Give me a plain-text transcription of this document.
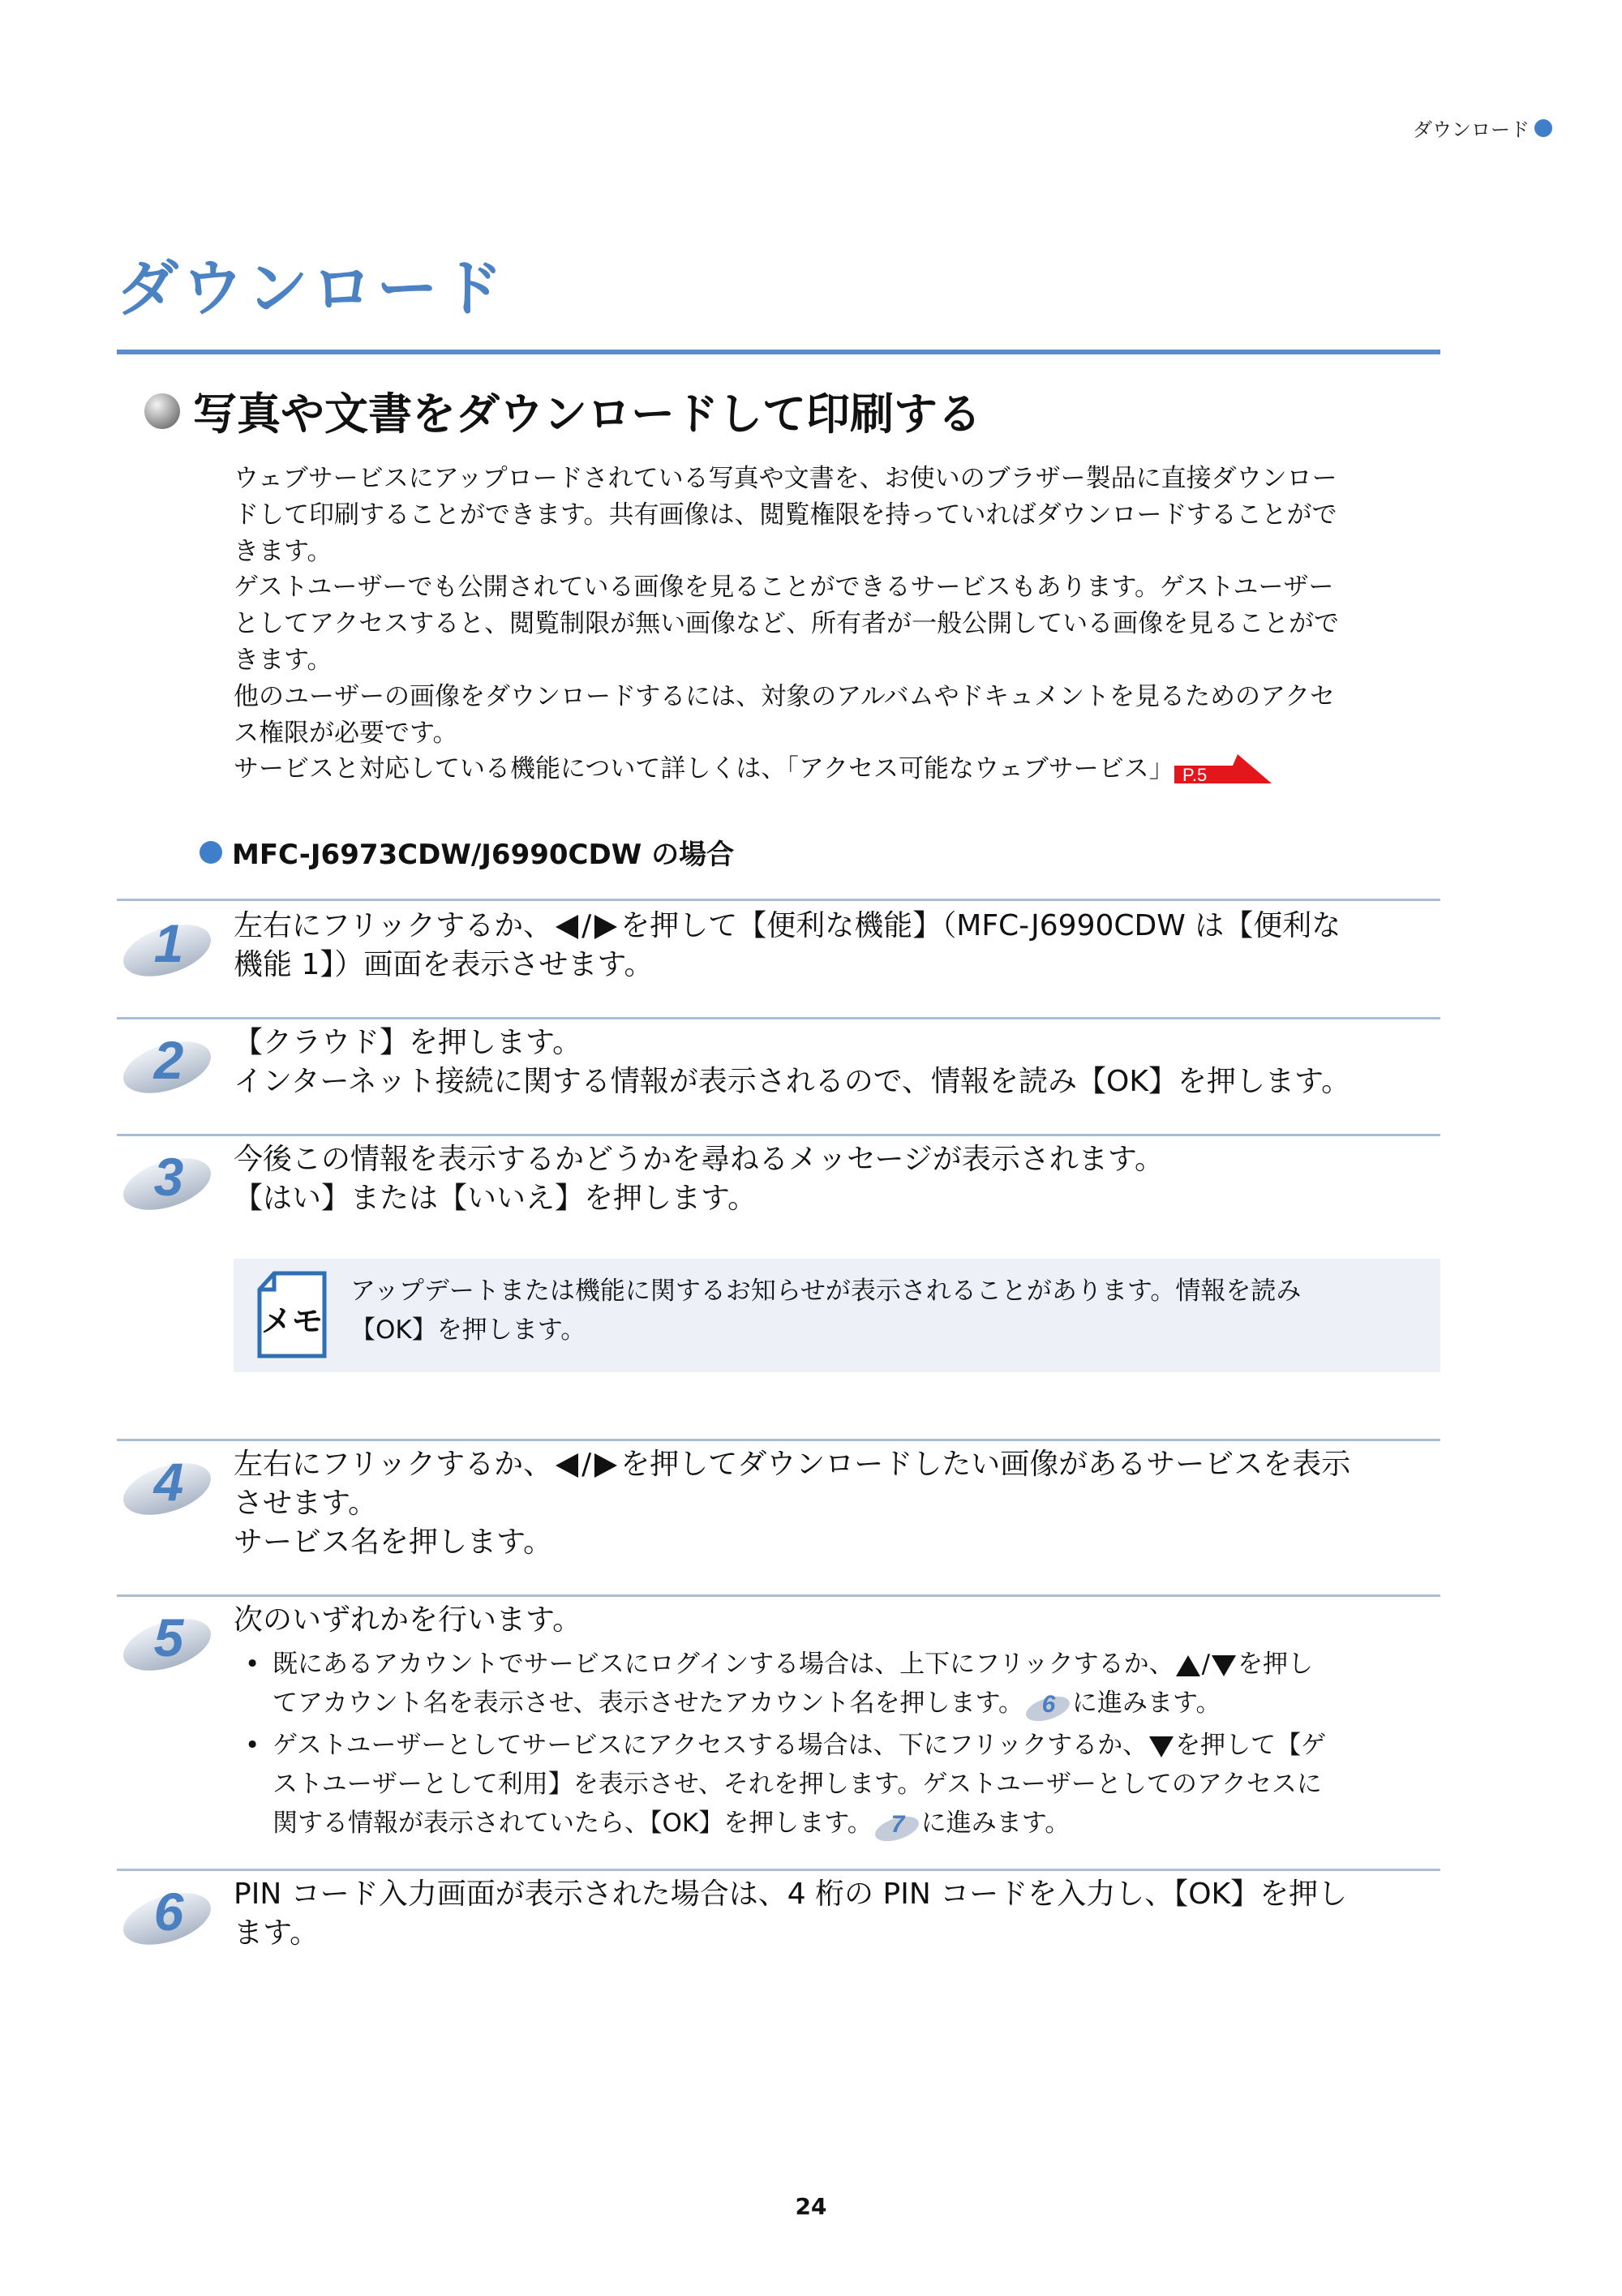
ダウンロード
ダウンロード
写真や文書をダウンロードして印刷する

ウェブサービスにアップロードされている写真や文書を、お使いのブラザー製品に直接ダウンロー

ドして印刷することができます。共有画像は、閲覧権限を持っていればダウンロードすることがで

きます。

ゲストユーザーでも公開されている画像を見ることができるサービスもあります。ゲストユーザー

としてアクセスすると、閲覧制限が無い画像など、所有者が一般公開している画像を見ることがで

きます。

他のユーザーの画像をダウンロードするには、対象のアルバムやドキュメントを見るためのアクセ

ス権限が必要です。

サービスと対応している機能について詳しくは、「アクセス可能なウェブサービス」 P.5

MFC-J6973CDW/J6990CDW の場合
1 左右にフリックするか、 / を押して【便利な機能】（MFC-J6990CDW は【便利な

機能 1】）画面を表示させます。

2 【クラウド】を押します。

インターネット接続に関する情報が表示されるので、情報を読み【OK】を押します。

3 今後この情報を表示するかどうかを尋ねるメッセージが表示されます。

【はい】または【いいえ】を押します。

メモ

アップデートまたは機能に関するお知らせが表示されることがあります。情報を読み

【OK】を押します。

4 左右にフリックするか、 / を押してダウンロードしたい画像があるサービスを表示

させます。

サービス名を押します。

5 次のいずれかを行います。

• 既にあるアカウントでサービスにログインする場合は、上下にフリックするか、 / を押し
てアカウント名を表示させ、表示させたアカウント名を押します。 6 に進みます。
• ゲストユーザーとしてサービスにアクセスする場合は、下にフリックするか、 を押して【ゲ
ストユーザーとして利用】を表示させ、それを押します。ゲストユーザーとしてのアクセスに
関する情報が表示されていたら、【OK】を押します。 7 に進みます。
6 PIN コード入力画面が表示された場合は、4 桁の PIN コードを入力し、【OK】を押し

ます。

24
